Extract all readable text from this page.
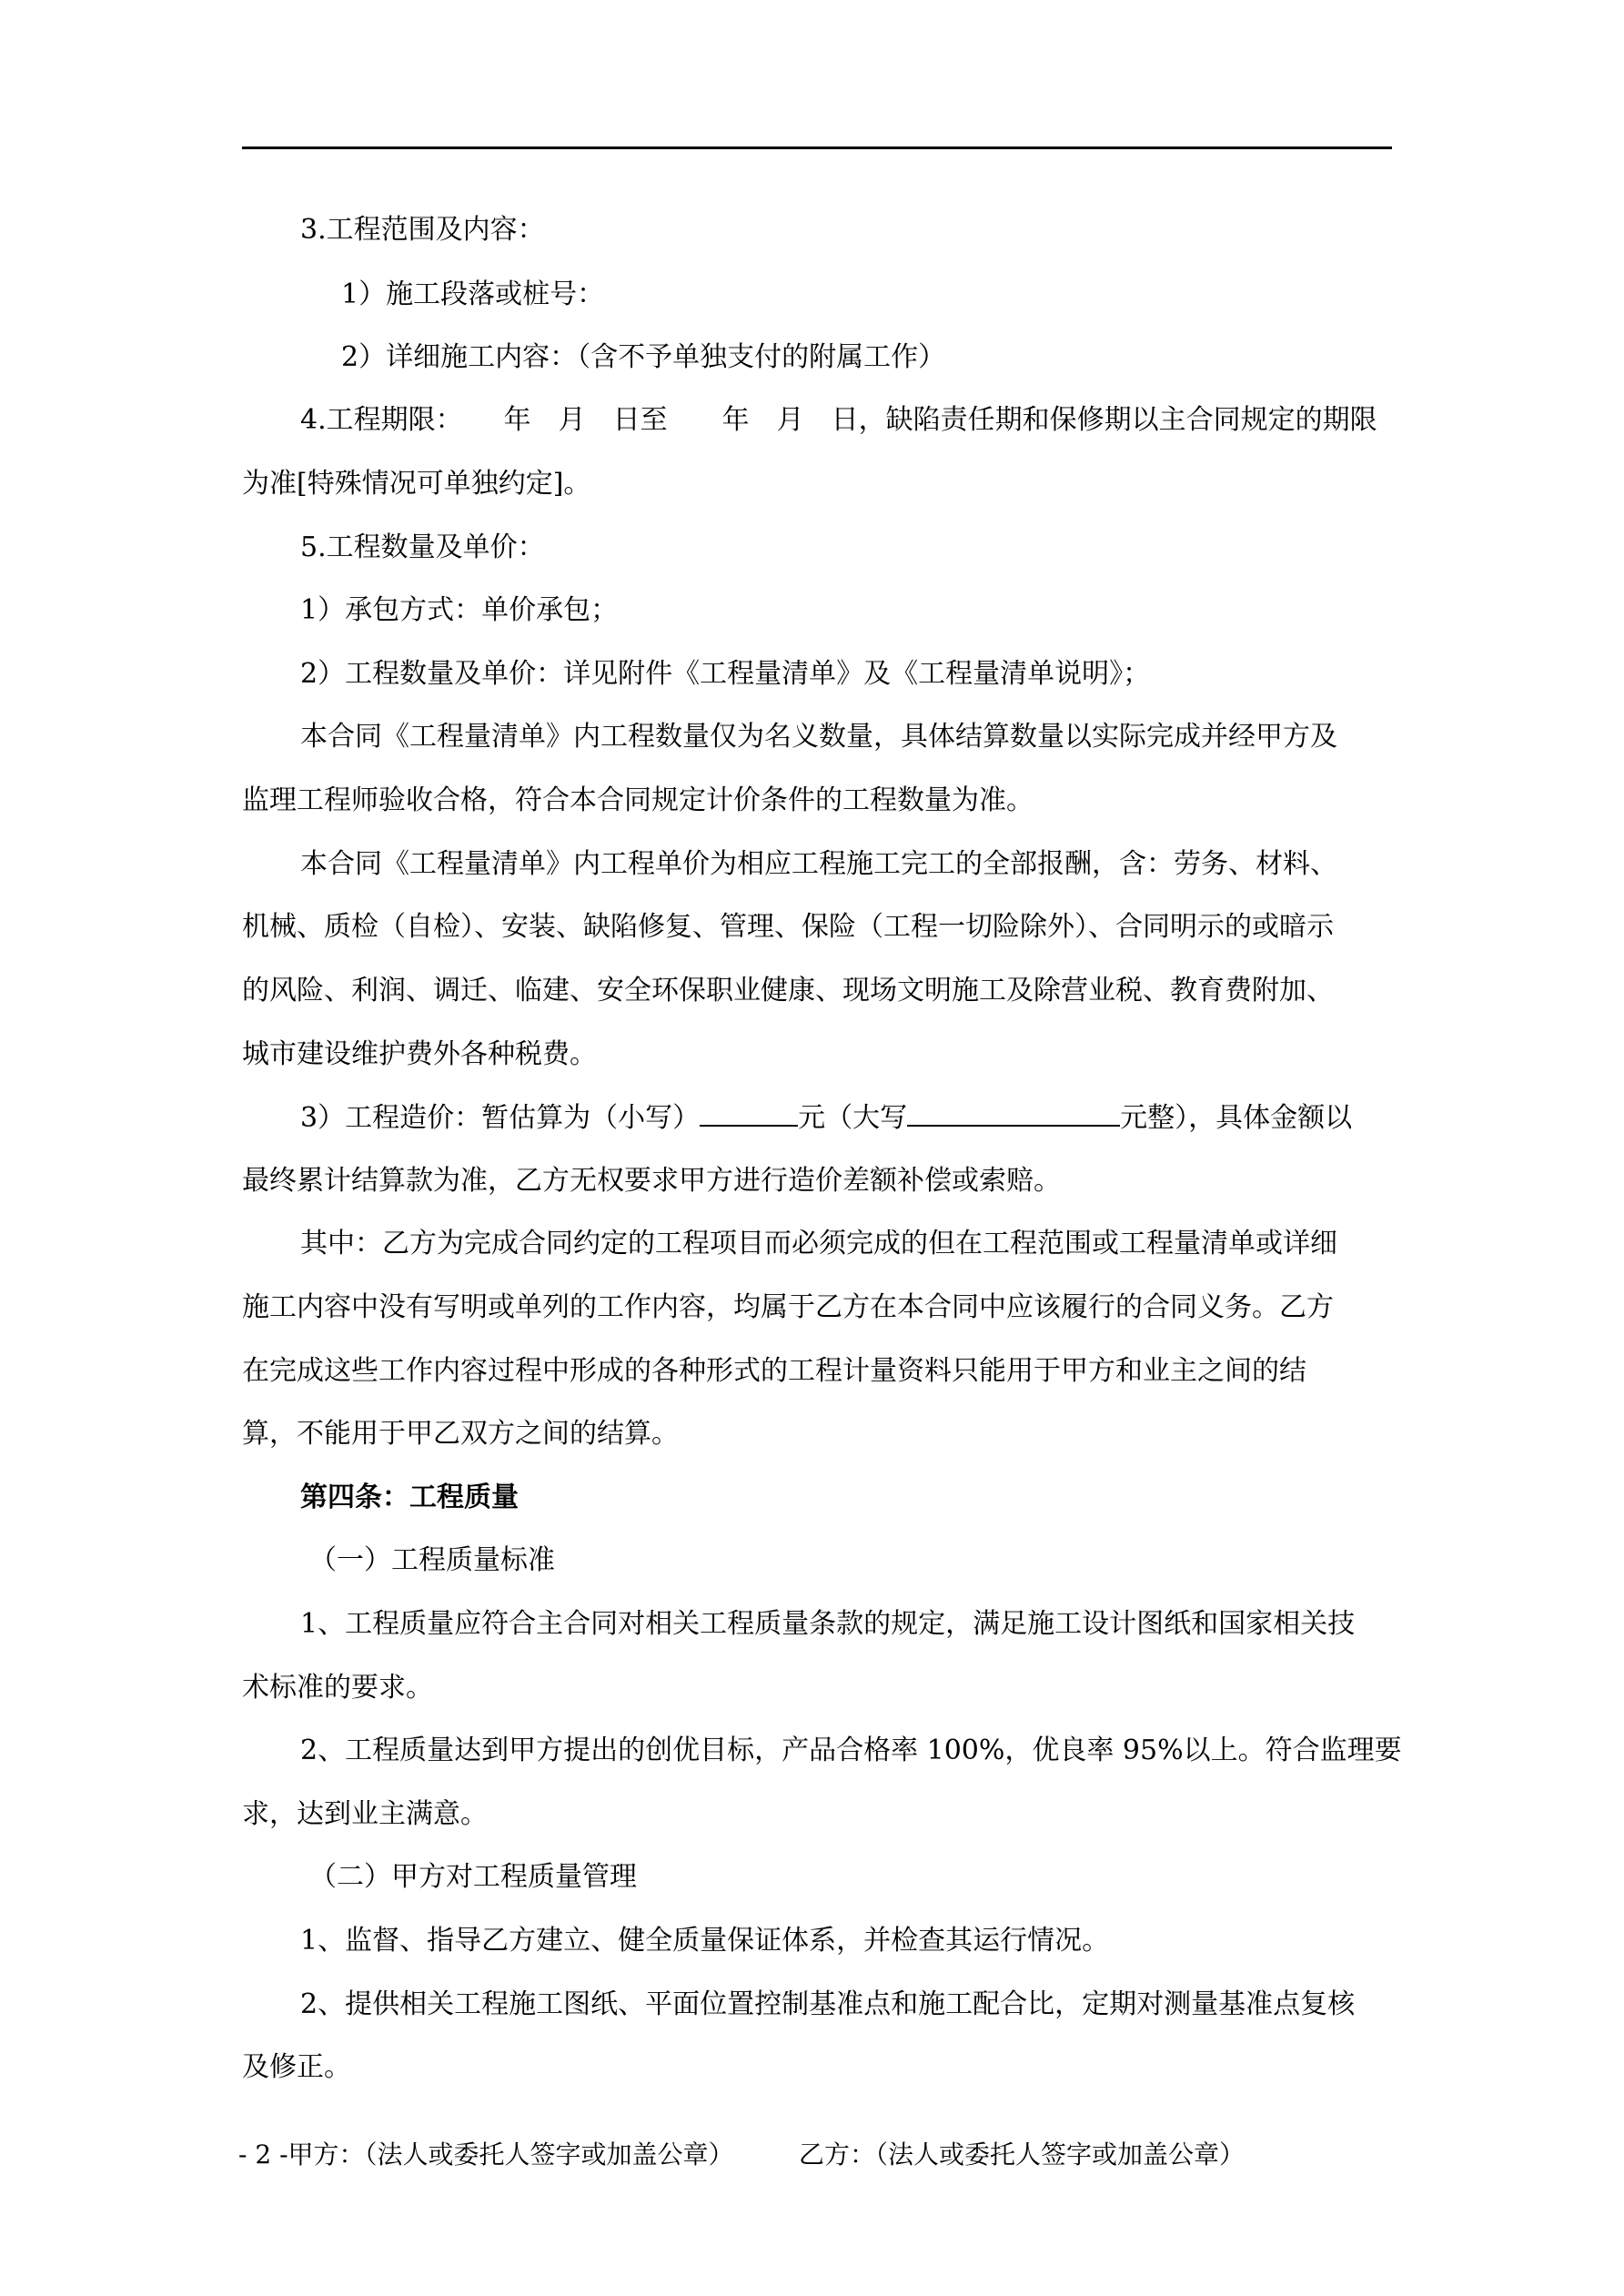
3.工程范围及内容：

1）施工段落或桩号：

2）详细施工内容：（含不予单独支付的附属工作）

4.工程期限：　　年　月　日至　　年　月　日，缺陷责任期和保修期以主合同规定的期限

为准[特殊情况可单独约定]。

5.工程数量及单价：

1）承包方式：单价承包；

2）工程数量及单价：详见附件《工程量清单》及《工程量清单说明》；

本合同《工程量清单》内工程数量仅为名义数量，具体结算数量以实际完成并经甲方及

监理工程师验收合格，符合本合同规定计价条件的工程数量为准。

本合同《工程量清单》内工程单价为相应工程施工完工的全部报酬，含：劳务、材料、

机械、质检（自检）、安装、缺陷修复、管理、保险（工程一切险除外）、合同明示的或暗示

的风险、利润、调迁、临建、安全环保职业健康、现场文明施工及除营业税、教育费附加、

城市建设维护费外各种税费。

3）工程造价：暂估算为（小写）	元（大写	元整），具体金额以

最终累计结算款为准，乙方无权要求甲方进行造价差额补偿或索赔。

其中：乙方为完成合同约定的工程项目而必须完成的但在工程范围或工程量清单或详细

施工内容中没有写明或单列的工作内容，均属于乙方在本合同中应该履行的合同义务。乙方

在完成这些工作内容过程中形成的各种形式的工程计量资料只能用于甲方和业主之间的结

算，不能用于甲乙双方之间的结算。

第四条：工程质量

（一）工程质量标准

1、工程质量应符合主合同对相关工程质量条款的规定，满足施工设计图纸和国家相关技

术标准的要求。

2、工程质量达到甲方提出的创优目标，产品合格率 100%，优良率 95%以上。符合监理要

求，达到业主满意。

（二）甲方对工程质量管理

1、监督、指导乙方建立、健全质量保证体系，并检查其运行情况。

2、提供相关工程施工图纸、平面位置控制基准点和施工配合比，定期对测量基准点复核

及修正。

- 2 -甲方：（法人或委托人签字或加盖公章）	乙方：（法人或委托人签字或加盖公章）
